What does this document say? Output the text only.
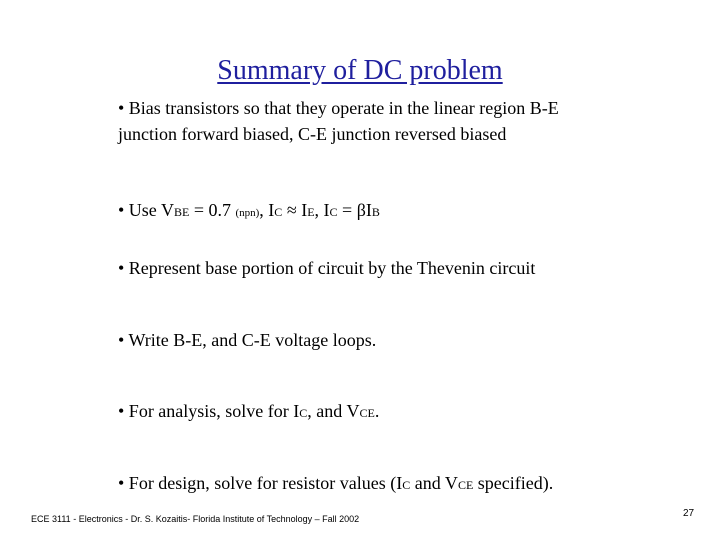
Summary of DC problem
• Bias transistors so that they operate in the linear region B-E
junction forward biased, C-E junction reversed biased
• Use VBE = 0.7 (npn), IC ≈ IE, IC = βIB
• Represent base portion of circuit by the Thevenin circuit
• Write B-E, and C-E voltage loops.
• For analysis, solve for IC, and VCE.
• For design, solve for resistor values (IC and VCE specified).
ECE 3111 - Electronics - Dr. S. Kozaitis- Florida Institute of Technology – Fall 2002	27
